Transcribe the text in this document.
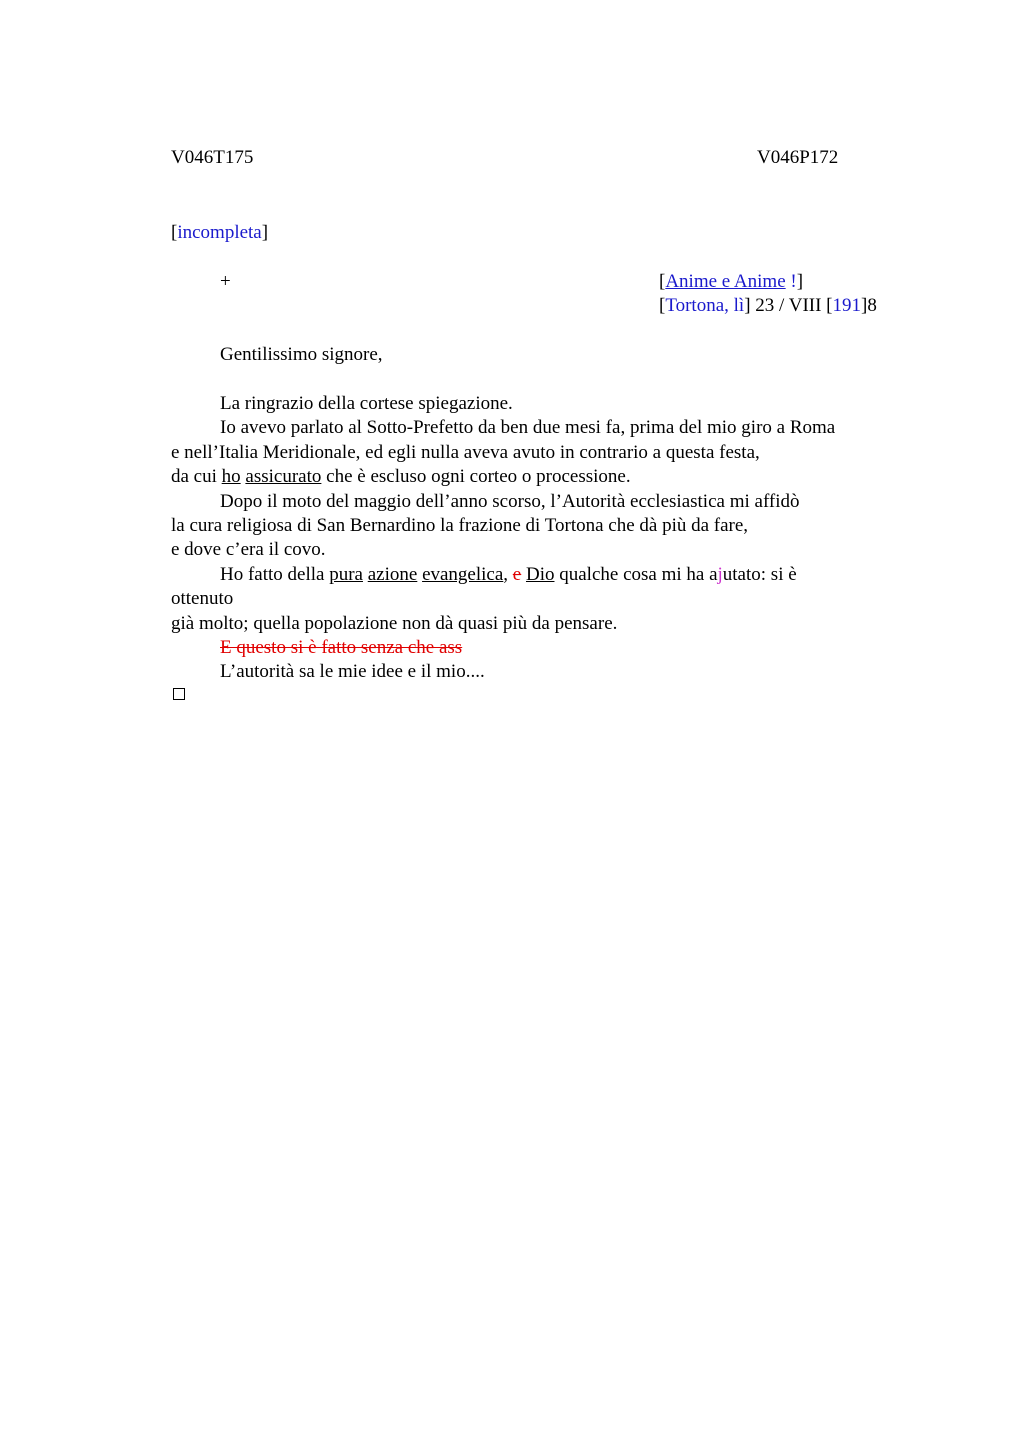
V046T175	V046P172
[incompleta]
+	[Anime e Anime !]
[Tortona, lì] 23 / VIII [191]8
Gentilissimo signore,
La ringrazio della cortese spiegazione.
Io avevo parlato al Sotto-Prefetto da ben due mesi fa, prima del mio giro a Roma
e nell’Italia Meridionale, ed egli nulla aveva avuto in contrario a questa festa,
da cui ho assicurato che è escluso ogni corteo o processione.
Dopo il moto del maggio dell’anno scorso, l’Autorità ecclesiastica mi affidò
la cura religiosa di San Bernardino la frazione di Tortona che dà più da fare,
e dove c’era il covo.
Ho fatto della pura azione evangelica, e Dio qualche cosa mi ha ajutato: si è
ottenuto
già molto; quella popolazione non dà quasi più da pensare.
E questo si è fatto senza che ass
L’autorità sa le mie idee e il mio....
